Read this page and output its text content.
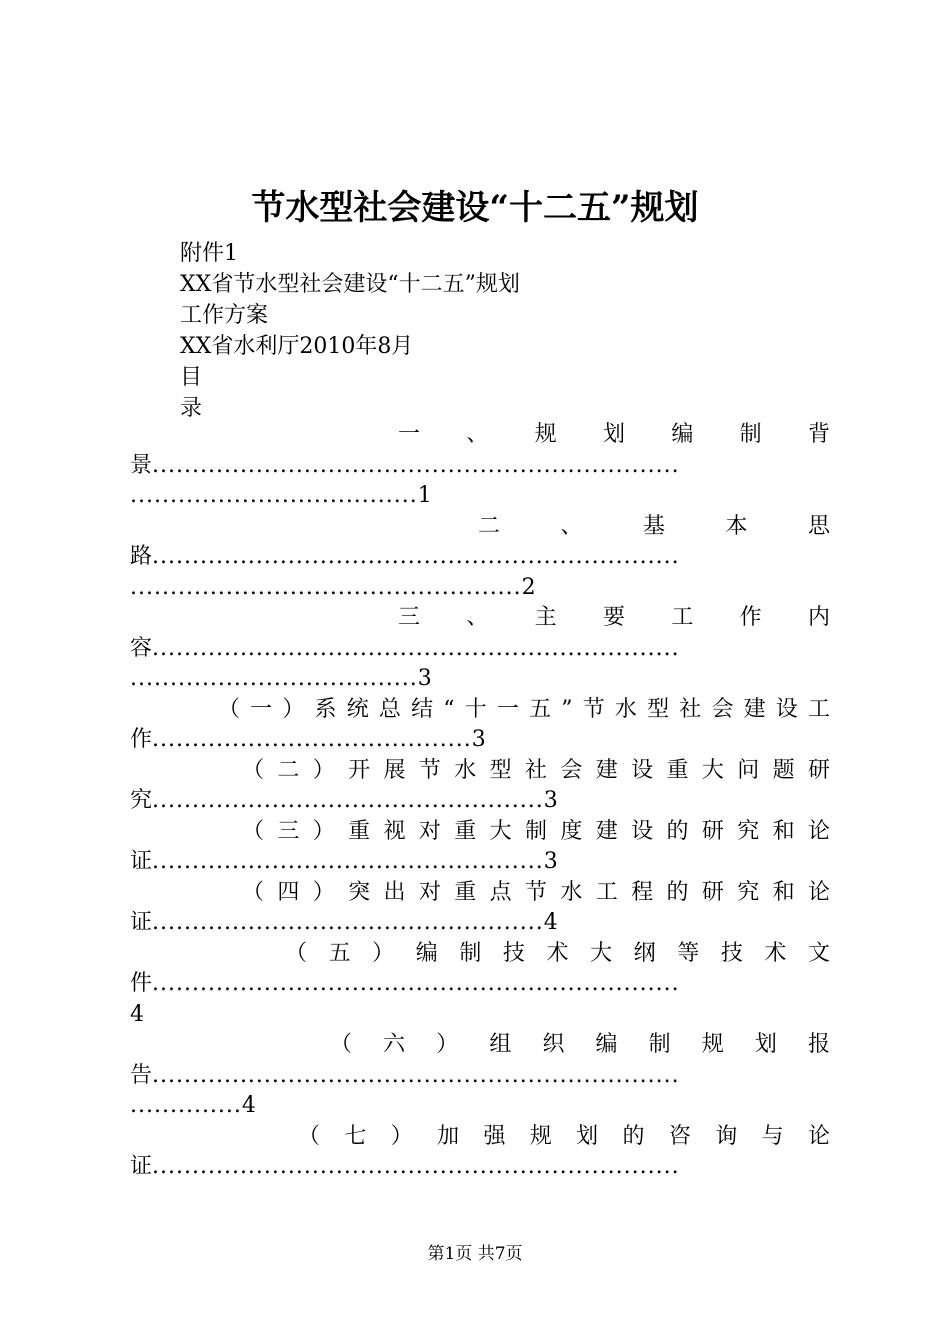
节水型社会建设“十二五”规划
附件1
XX省节水型社会建设“十二五”规划
工作方案
XX省水利厅2010年8月
目
录
一、规划编制背
景..................................................................
....................................1
二、基本思
路..................................................................
.................................................2
三、主要工作内
容..................................................................
....................................3
（一）系统总结“十一五”节水型社会建设工
作........................................3
（二）开展节水型社会建设重大问题研
究.................................................3
（三）重视对重大制度建设的研究和论
证.................................................3
（四）突出对重点节水工程的研究和论
证.................................................4
（五）编制技术大纲等技术文
件..................................................................
4
（六）组织编制规划报
告..................................................................
..............4
（七）加强规划的咨询与论
证..................................................................
第1页 共7页
